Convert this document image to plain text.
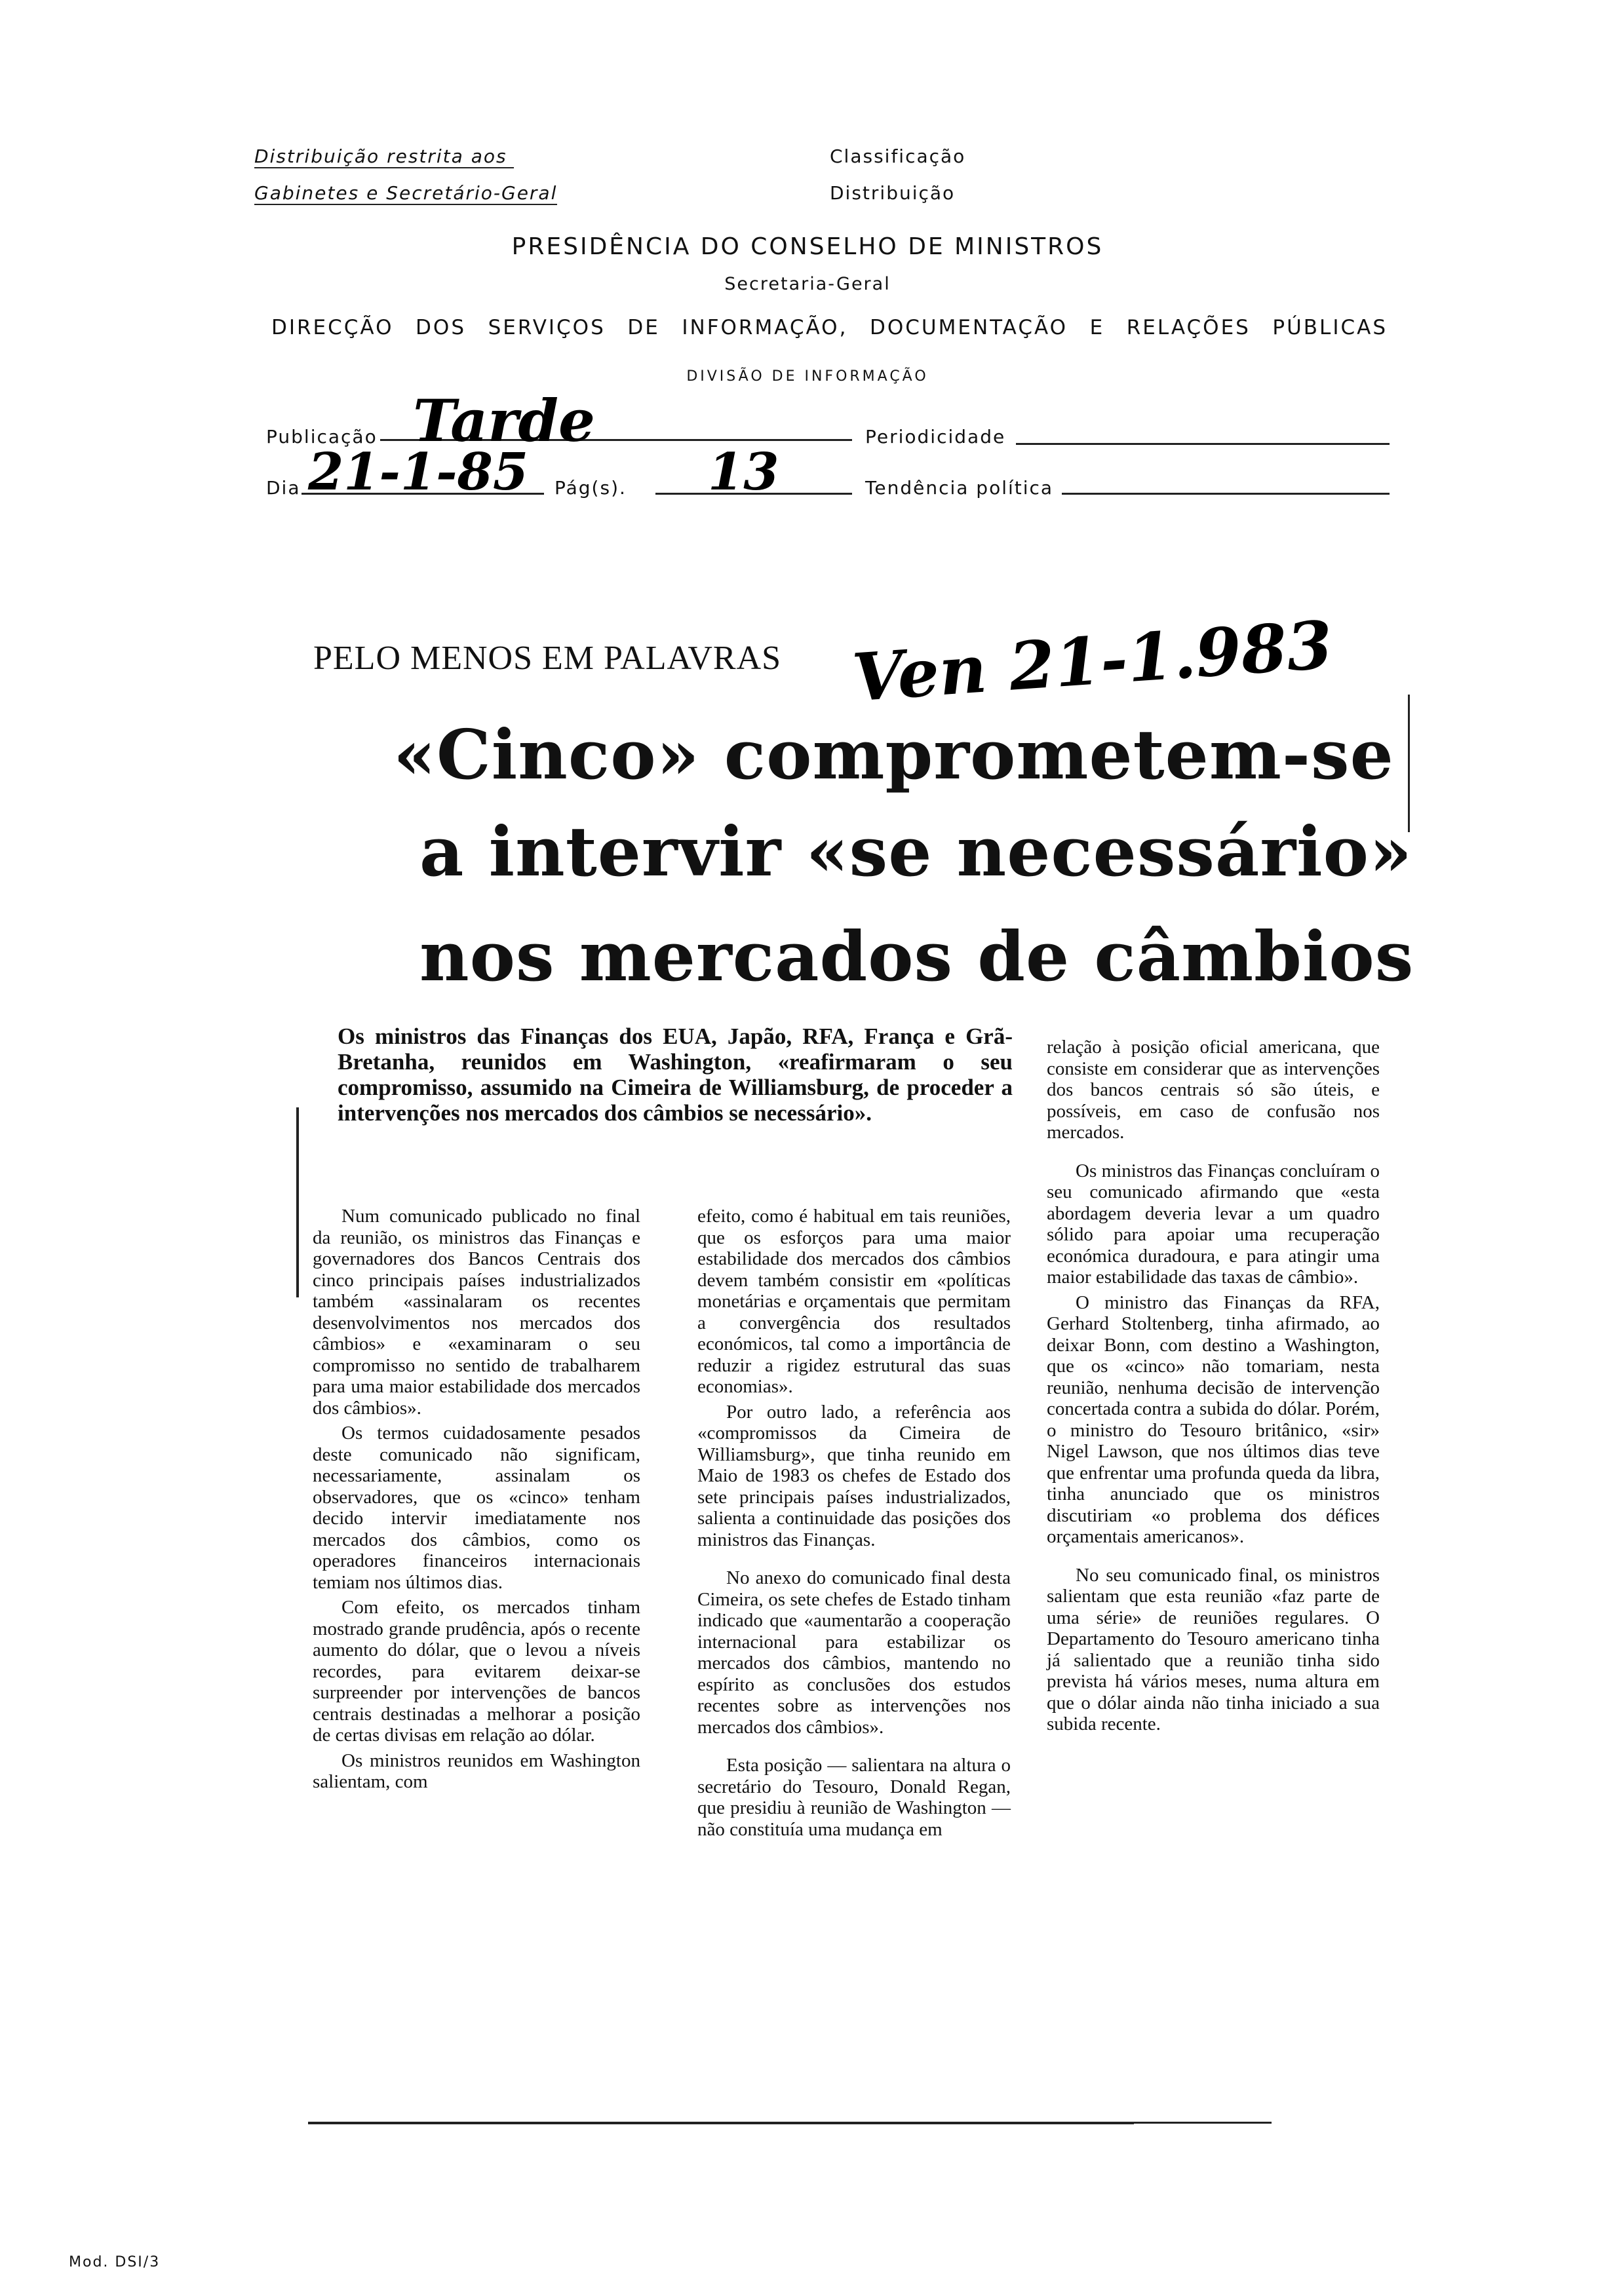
Distribuição restrita aos
Gabinetes e Secretário-Geral
Classificação
Distribuição
PRESIDÊNCIA DO CONSELHO DE MINISTROS
Secretaria-Geral
DIRECÇÃO DOS SERVIÇOS DE INFORMAÇÃO, DOCUMENTAÇÃO E RELAÇÕES PÚBLICAS
DIVISÃO DE INFORMAÇÃO
Publicação Tarde	Periodicidade
Dia 21-1-85 Pág(s). 13	Tendência política
PELO MENOS EM PALAVRAS Ven 21-1.983
«Cinco» comprometem-se
a intervir «se necessário»
nos mercados de câmbios
Os ministros das Finanças dos EUA, Japão, RFA, França e Grã-Bretanha, reunidos em Washington, «reafirmaram o seu compromisso, assumido na Cimeira de Williamsburg, de proceder a intervenções nos mercados dos câmbios se necessário».

Num comunicado publicado no final da reunião, os ministros das Finanças e governadores dos Bancos Centrais dos cinco principais países industrializados também «assinalaram os recentes desenvolvimentos nos mercados dos câmbios» e «examinaram o seu compromisso no sentido de trabalharem para uma maior estabilidade dos mercados dos câmbios».

Os termos cuidadosamente pesados deste comunicado não significam, necessariamente, assinalam os observadores, que os «cinco» tenham decido intervir imediatamente nos mercados dos câmbios, como os operadores financeiros internacionais temiam nos últimos dias.

Com efeito, os mercados tinham mostrado grande prudência, após o recente aumento do dólar, que o levou a níveis recordes, para evitarem deixar-se surpreender por intervenções de bancos centrais destinadas a melhorar a posição de certas divisas em relação ao dólar.

Os ministros reunidos em Washington salientam, com

efeito, como é habitual em tais reuniões, que os esforços para uma maior estabilidade dos mercados dos câmbios devem também consistir em «políticas monetárias e orçamentais que permitam a convergência dos resultados económicos, tal como a importância de reduzir a rigidez estrutural das suas economias».

Por outro lado, a referência aos «compromissos da Cimeira de Williamsburg», que tinha reunido em Maio de 1983 os chefes de Estado dos sete principais países industrializados, salienta a continuidade das posições dos ministros das Finanças.

No anexo do comunicado final desta Cimeira, os sete chefes de Estado tinham indicado que «aumentarão a cooperação internacional para estabilizar os mercados dos câmbios, mantendo no espírito as conclusões dos estudos recentes sobre as intervenções nos mercados dos câmbios».

Esta posição — salientara na altura o secretário do Tesouro, Donald Regan, que presidiu à reunião de Washington — não constituía uma mudança em

relação à posição oficial americana, que consiste em considerar que as intervenções dos bancos centrais só são úteis, e possíveis, em caso de confusão nos mercados.

Os ministros das Finanças concluíram o seu comunicado afirmando que «esta abordagem deveria levar a um quadro sólido para apoiar uma recuperação económica duradoura, e para atingir uma maior estabilidade das taxas de câmbio».

O ministro das Finanças da RFA, Gerhard Stoltenberg, tinha afirmado, ao deixar Bonn, com destino a Washington, que os «cinco» não tomariam, nesta reunião, nenhuma decisão de intervenção concertada contra a subida do dólar. Porém, o ministro do Tesouro britânico, «sir» Nigel Lawson, que nos últimos dias teve que enfrentar uma profunda queda da libra, tinha anunciado que os ministros discutiriam «o problema dos défices orçamentais americanos».

No seu comunicado final, os ministros salientam que esta reunião «faz parte de uma série» de reuniões regulares. O Departamento do Tesouro americano tinha já salientado que a reunião tinha sido prevista há vários meses, numa altura em que o dólar ainda não tinha iniciado a sua subida recente.

Mod. DSI/3
